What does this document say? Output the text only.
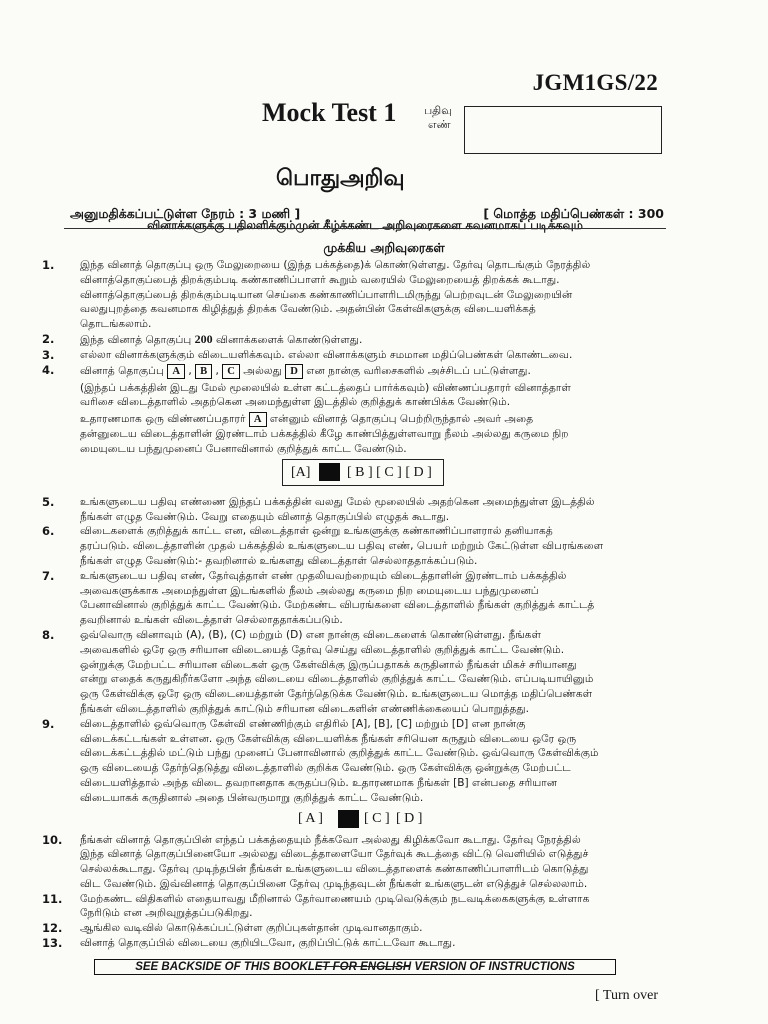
JGM1GS/22
Mock Test 1	பதிவு
எண்
பொதுஅறிவு
அனுமதிக்கப்பட்டுள்ள நேரம் : 3 மணி ]	[ மொத்த மதிப்பெண்கள் : 300
வினாக்களுக்கு பதிலளிக்கும்முன் கீழ்க்கண்ட அறிவுரைகளை கவனமாகப் படிக்கவும்
முக்கிய அறிவுரைகள்
1.	இந்த வினாத் தொகுப்பு ஒரு மேலுறையை (இந்த பக்கத்தை)க் கொண்டுள்ளது. தேர்வு தொடங்கும் நேரத்தில்
வினாத்தொகுப்பைத் திறக்கும்படி கண்காணிப்பாளர் கூறும் வரையில் மேலுறையைத் திறக்கக் கூடாது.
வினாத்தொகுப்பைத் திறக்கும்படியான செய்கை கண்காணிப்பாளரிடமிருந்து பெற்றவுடன் மேலுறையின்
வலதுபுறத்தை கவனமாக கிழித்துத் திறக்க வேண்டும். அதன்பின் கேள்விகளுக்கு விடையளிக்கத்
தொடங்கலாம்.
2.	இந்த வினாத் தொகுப்பு 200 வினாக்களைக் கொண்டுள்ளது.
3.	எல்லா வினாக்களுக்கும் விடையளிக்கவும். எல்லா வினாக்களும் சமமான மதிப்பெண்கள் கொண்டவை.
4.	வினாத் தொகுப்பு A , B , C அல்லது D என நான்கு வரிசைகளில் அச்சிடப் பட்டுள்ளது.
(இந்தப் பக்கத்தின் இடது மேல் மூலையில் உள்ள கட்டத்தைப் பார்க்கவும்) விண்ணப்பதாரர் வினாத்தாள்
வரிசை விடைத்தாளில் அதற்கென அமைந்துள்ள இடத்தில் குறித்துக் காண்பிக்க வேண்டும்.
உதாரணமாக ஒரு விண்ணப்பதாரர் A என்னும் வினாத் தொகுப்பு பெற்றிருந்தால் அவர் அதை
தன்னுடைய விடைத்தாளின் இரண்டாம் பக்கத்தில் கீழே காண்பித்துள்ளவாறு நீலம் அல்லது கருமை நிற
மையுடைய பந்துமுனைப் பேனாவினால் குறித்துக் காட்ட வேண்டும்.
[A]	[ B ] [ C ] [ D ]
5.	உங்களுடைய பதிவு எண்ணை இந்தப் பக்கத்தின் வலது மேல் மூலையில் அதற்கென அமைந்துள்ள இடத்தில்
நீங்கள் எழுத வேண்டும். வேறு எதையும் வினாத் தொகுப்பில் எழுதக் கூடாது.
6.	விடைகளைக் குறித்துக் காட்ட என, விடைத்தாள் ஒன்று உங்களுக்கு கண்காணிப்பாளரால் தனியாகத்
தரப்படும். விடைத்தாளின் முதல் பக்கத்தில் உங்களுடைய பதிவு எண், பெயர் மற்றும் கேட்டுள்ள விபரங்களை
நீங்கள் எழுத வேண்டும்:- தவறினால் உங்களது விடைத்தாள் செல்லாததாக்கப்படும்.
7.	உங்களுடைய பதிவு எண், தேர்வுத்தாள் எண் முதலியவற்றையும் விடைத்தாளின் இரண்டாம் பக்கத்தில்
அவைகளுக்காக அமைந்துள்ள இடங்களில் நீலம் அல்லது கருமை நிற மையுடைய பந்துமுனைப்
பேனாவினால் குறித்துக் காட்ட வேண்டும். மேற்கண்ட விபரங்களை விடைத்தாளில் நீங்கள் குறித்துக் காட்டத்
தவறினால் உங்கள் விடைத்தாள் செல்லாததாக்கப்படும்.
8.	ஒவ்வொரு வினாவும் (A), (B), (C) மற்றும் (D) என நான்கு விடைகளைக் கொண்டுள்ளது. நீங்கள்
அவைகளில் ஒரே ஒரு சரியான விடையைத் தேர்வு செய்து விடைத்தாளில் குறித்துக் காட்ட வேண்டும்.
ஒன்றுக்கு மேற்பட்ட சரியான விடைகள் ஒரு கேள்விக்கு இருப்பதாகக் கருதினால் நீங்கள் மிகச் சரியானது
என்று எதைக் கருதுகிறீர்களோ அந்த விடையை விடைத்தாளில் குறித்துக் காட்ட வேண்டும். எப்படியாயினும்
ஒரு கேள்விக்கு ஒரே ஒரு விடையைத்தான் தேர்ந்தெடுக்க வேண்டும். உங்களுடைய மொத்த மதிப்பெண்கள்
நீங்கள் விடைத்தாளில் குறித்துக் காட்டும் சரியான விடைகளின் எண்ணிக்கையைப் பொறுத்தது.
9.	விடைத்தாளில் ஒவ்வொரு கேள்வி எண்ணிற்கும் எதிரில் [A], [B], [C] மற்றும் [D] என நான்கு
விடைக்கட்டங்கள் உள்ளன. ஒரு கேள்விக்கு விடையளிக்க நீங்கள் சரியென கருதும் விடையை ஒரே ஒரு
விடைக்கட்டத்தில் மட்டும் பந்து முனைப் பேனாவினால் குறித்துக் காட்ட வேண்டும். ஒவ்வொரு கேள்விக்கும்
ஒரு விடையைத் தேர்ந்தெடுத்து விடைத்தாளில் குறிக்க வேண்டும். ஒரு கேள்விக்கு ஒன்றுக்கு மேற்பட்ட
விடையளித்தால் அந்த விடை தவறானதாக கருதப்படும். உதாரணமாக நீங்கள் [B] என்பதை சரியான
விடையாகக் கருதினால் அதை பின்வருமாறு குறித்துக் காட்ட வேண்டும்.
[ A ]	[ C ] [ D ]
10.	நீங்கள் வினாத் தொகுப்பின் எந்தப் பக்கத்தையும் நீக்கவோ அல்லது கிழிக்கவோ கூடாது. தேர்வு நேரத்தில்
இந்த வினாத் தொகுப்பினையோ அல்லது விடைத்தாளையோ தேர்வுக் கூடத்தை விட்டு வெளியில் எடுத்துச்
செல்லக்கூடாது. தேர்வு முடிந்தபின் நீங்கள் உங்களுடைய விடைத்தாளைக் கண்காணிப்பாளரிடம் கொடுத்து
விட வேண்டும். இவ்வினாத் தொகுப்பினை தேர்வு முடிந்தவுடன் நீங்கள் உங்களுடன் எடுத்துச் செல்லலாம்.
11.	மேற்கண்ட விதிகளில் எதையாவது மீறினால் தேர்வாணையம் முடிவெடுக்கும் நடவடிக்கைகளுக்கு உள்ளாக
நேரிடும் என அறிவுறுத்தப்படுகிறது.
12.	ஆங்கில வடிவில் கொடுக்கப்பட்டுள்ள குறிப்புகள்தான் முடிவானதாகும்.
13.	வினாத் தொகுப்பில் விடையை குறியிடவோ, குறிப்பிட்டுக் காட்டவோ கூடாது.
SEE BACKSIDE OF THIS BOOKLET FOR ENGLISH VERSION OF INSTRUCTIONS
[ Turn over
